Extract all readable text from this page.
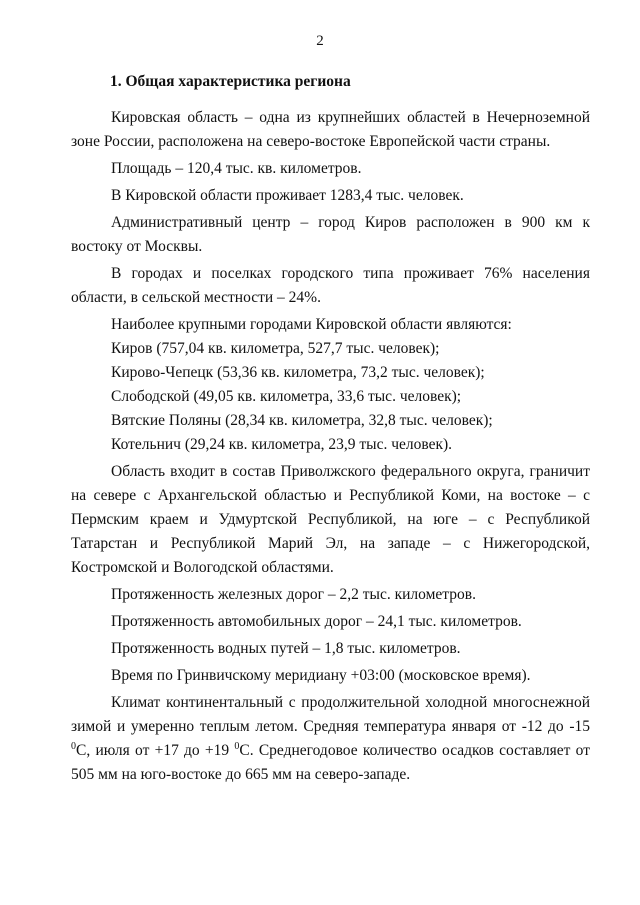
2
1. Общая характеристика региона

Кировская область – одна из крупнейших областей в Нечерноземной зоне России, расположена на северо-востоке Европейской части страны.

Площадь – 120,4 тыс. кв. километров.

В Кировской области проживает 1283,4 тыс. человек.

Административный центр – город Киров расположен в 900 км к востоку от Москвы.

В городах и поселках городского типа проживает 76% населения области, в сельской местности – 24%.

Наиболее крупными городами Кировской области являются:

Киров (757,04 кв. километра, 527,7 тыс. человек);

Кирово-Чепецк (53,36 кв. километра, 73,2 тыс. человек);

Слободской (49,05 кв. километра, 33,6 тыс. человек);

Вятские Поляны (28,34 кв. километра, 32,8 тыс. человек);

Котельнич (29,24 кв. километра, 23,9 тыс. человек).

Область входит в состав Приволжского федерального округа, граничит на севере с Архангельской областью и Республикой Коми, на востоке – с Пермским краем и Удмуртской Республикой, на юге – с Республикой Татарстан и Республикой Марий Эл, на западе – с Нижегородской, Костромской и Вологодской областями.

Протяженность железных дорог – 2,2 тыс. километров.

Протяженность автомобильных дорог – 24,1 тыс. километров.

Протяженность водных путей – 1,8 тыс. километров.

Время по Гринвичскому меридиану +03:00 (московское время).

Климат континентальный с продолжительной холодной многоснежной зимой и умеренно теплым летом. Средняя температура января от -12 до -15 $^0$С, июля от +17 до +19 $^0$С. Среднегодовое количество осадков составляет от 505 мм на юго-востоке до 665 мм на северо-западе.
